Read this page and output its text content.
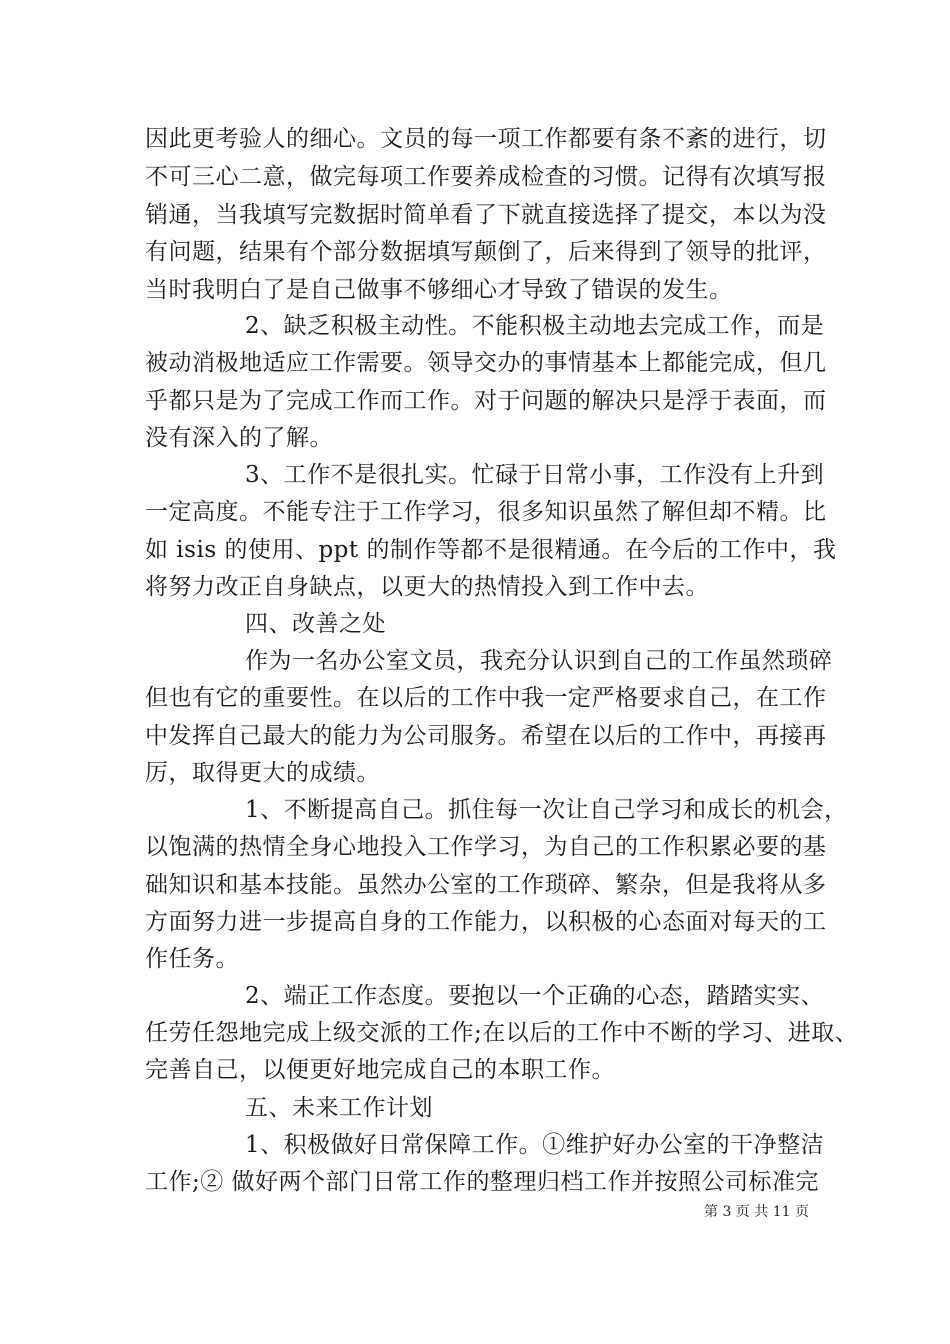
因此更考验人的细心。文员的每一项工作都要有条不紊的进行，切
不可三心二意，做完每项工作要养成检查的习惯。记得有次填写报
销通，当我填写完数据时简单看了下就直接选择了提交，本以为没
有问题，结果有个部分数据填写颠倒了，后来得到了领导的批评，
当时我明白了是自己做事不够细心才导致了错误的发生。
2、缺乏积极主动性。不能积极主动地去完成工作，而是
被动消极地适应工作需要。领导交办的事情基本上都能完成，但几
乎都只是为了完成工作而工作。对于问题的解决只是浮于表面，而
没有深入的了解。
3、工作不是很扎实。忙碌于日常小事，工作没有上升到
一定高度。不能专注于工作学习，很多知识虽然了解但却不精。比
如 isis 的使用、ppt 的制作等都不是很精通。在今后的工作中，我
将努力改正自身缺点，以更大的热情投入到工作中去。
四、改善之处
作为一名办公室文员，我充分认识到自己的工作虽然琐碎
但也有它的重要性。在以后的工作中我一定严格要求自己，在工作
中发挥自己最大的能力为公司服务。希望在以后的工作中，再接再
厉，取得更大的成绩。
1、不断提高自己。抓住每一次让自己学习和成长的机会，
以饱满的热情全身心地投入工作学习，为自己的工作积累必要的基
础知识和基本技能。虽然办公室的工作琐碎、繁杂，但是我将从多
方面努力进一步提高自身的工作能力，以积极的心态面对每天的工
作任务。
2、端正工作态度。要抱以一个正确的心态，踏踏实实、
任劳任怨地完成上级交派的工作;在以后的工作中不断的学习、进取、
完善自己，以便更好地完成自己的本职工作。
五、未来工作计划
1、积极做好日常保障工作。①维护好办公室的干净整洁
工作;② 做好两个部门日常工作的整理归档工作并按照公司标准完
第 3 页 共 11 页
